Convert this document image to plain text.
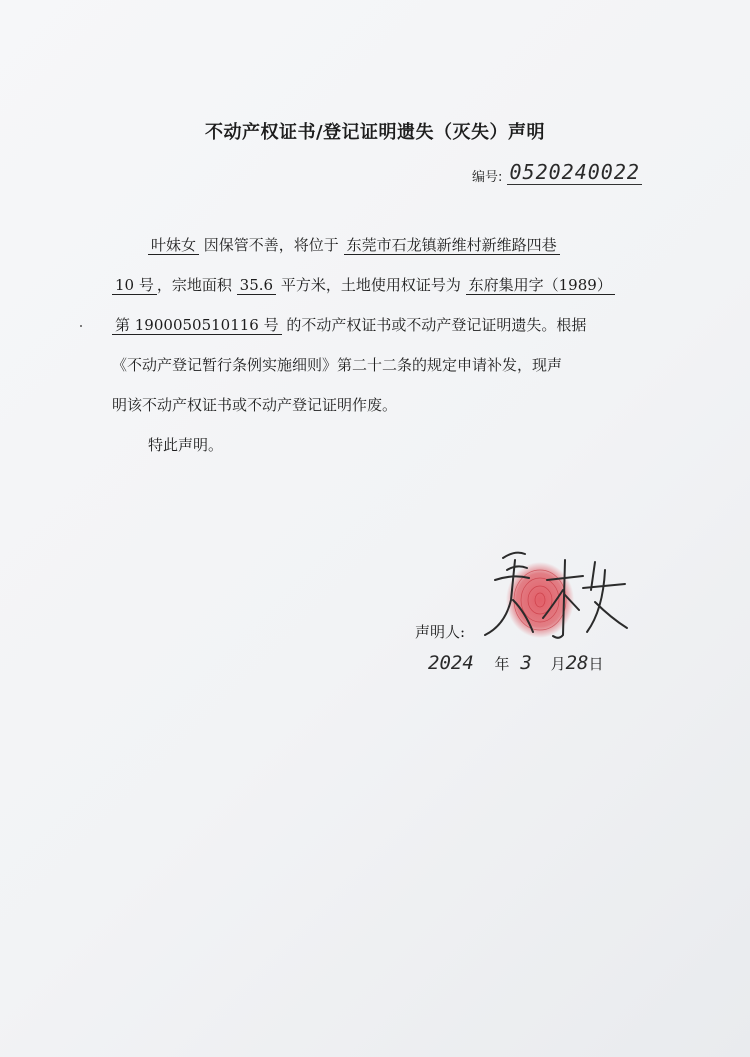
不动产权证书/登记证明遗失（灭失）声明
编号: 0520240022
叶妹女 因保管不善，将位于 东莞市石龙镇新维村新维路四巷
10 号 ，宗地面积 35.6 平方米，土地使用权证号为 东府集用字（1989）
第 1900050510116 号 的不动产权证书或不动产登记证明遗失。根据
《不动产登记暂行条例实施细则》第二十二条的规定申请补发，现声
明该不动产权证书或不动产登记证明作废。
特此声明。
声明人:
2024 年 3 月28日
